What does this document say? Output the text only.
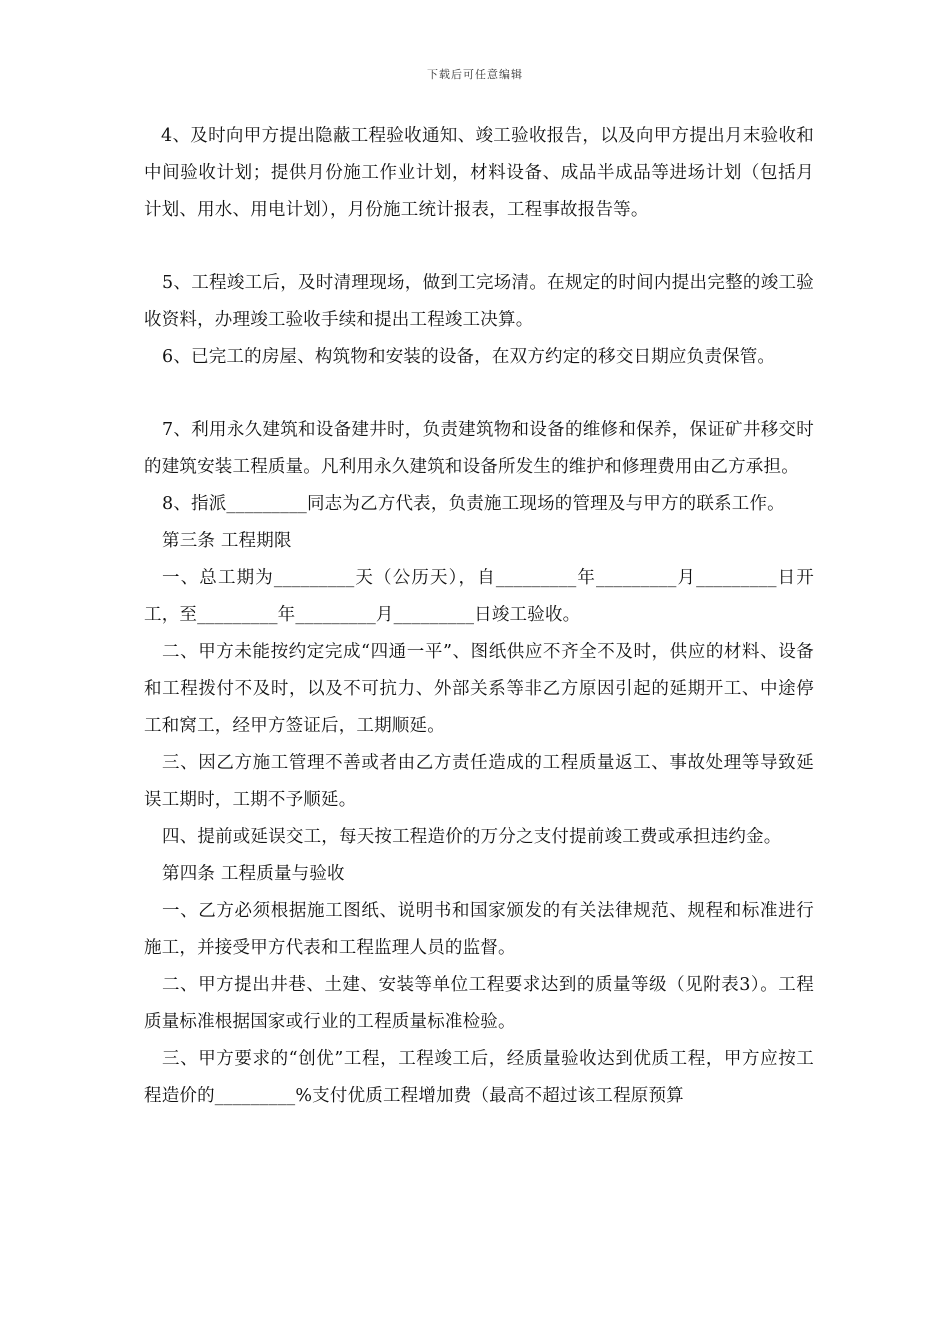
下载后可任意编辑

4、及时向甲方提出隐蔽工程验收通知、竣工验收报告，以及向甲方提出月末验收和中间验收计划；提供月份施工作业计划，材料设备、成品半成品等进场计划（包括月计划、用水、用电计划），月份施工统计报表，工程事故报告等。

5、工程竣工后，及时清理现场，做到工完场清。在规定的时间内提出完整的竣工验收资料，办理竣工验收手续和提出工程竣工决算。

6、已完工的房屋、构筑物和安装的设备，在双方约定的移交日期应负责保管。

7、利用永久建筑和设备建井时，负责建筑物和设备的维修和保养，保证矿井移交时的建筑安装工程质量。凡利用永久建筑和设备所发生的维护和修理费用由乙方承担。

8、指派_________同志为乙方代表，负责施工现场的管理及与甲方的联系工作。

第三条 工程期限

一、总工期为_________天（公历天），自_________年_________月_________日开工，至_________年_________月_________日竣工验收。

二、甲方未能按约定完成“四通一平”、图纸供应不齐全不及时，供应的材料、设备和工程拨付不及时，以及不可抗力、外部关系等非乙方原因引起的延期开工、中途停工和窝工，经甲方签证后，工期顺延。

三、因乙方施工管理不善或者由乙方责任造成的工程质量返工、事故处理等导致延误工期时，工期不予顺延。

四、提前或延误交工，每天按工程造价的万分之支付提前竣工费或承担违约金。

第四条 工程质量与验收

一、乙方必须根据施工图纸、说明书和国家颁发的有关法律规范、规程和标准进行施工，并接受甲方代表和工程监理人员的监督。

二、甲方提出井巷、土建、安装等单位工程要求达到的质量等级（见附表3）。工程质量标准根据国家或行业的工程质量标准检验。

三、甲方要求的“创优”工程，工程竣工后，经质量验收达到优质工程，甲方应按工程造价的_________%支付优质工程增加费（最高不超过该工程原预算
